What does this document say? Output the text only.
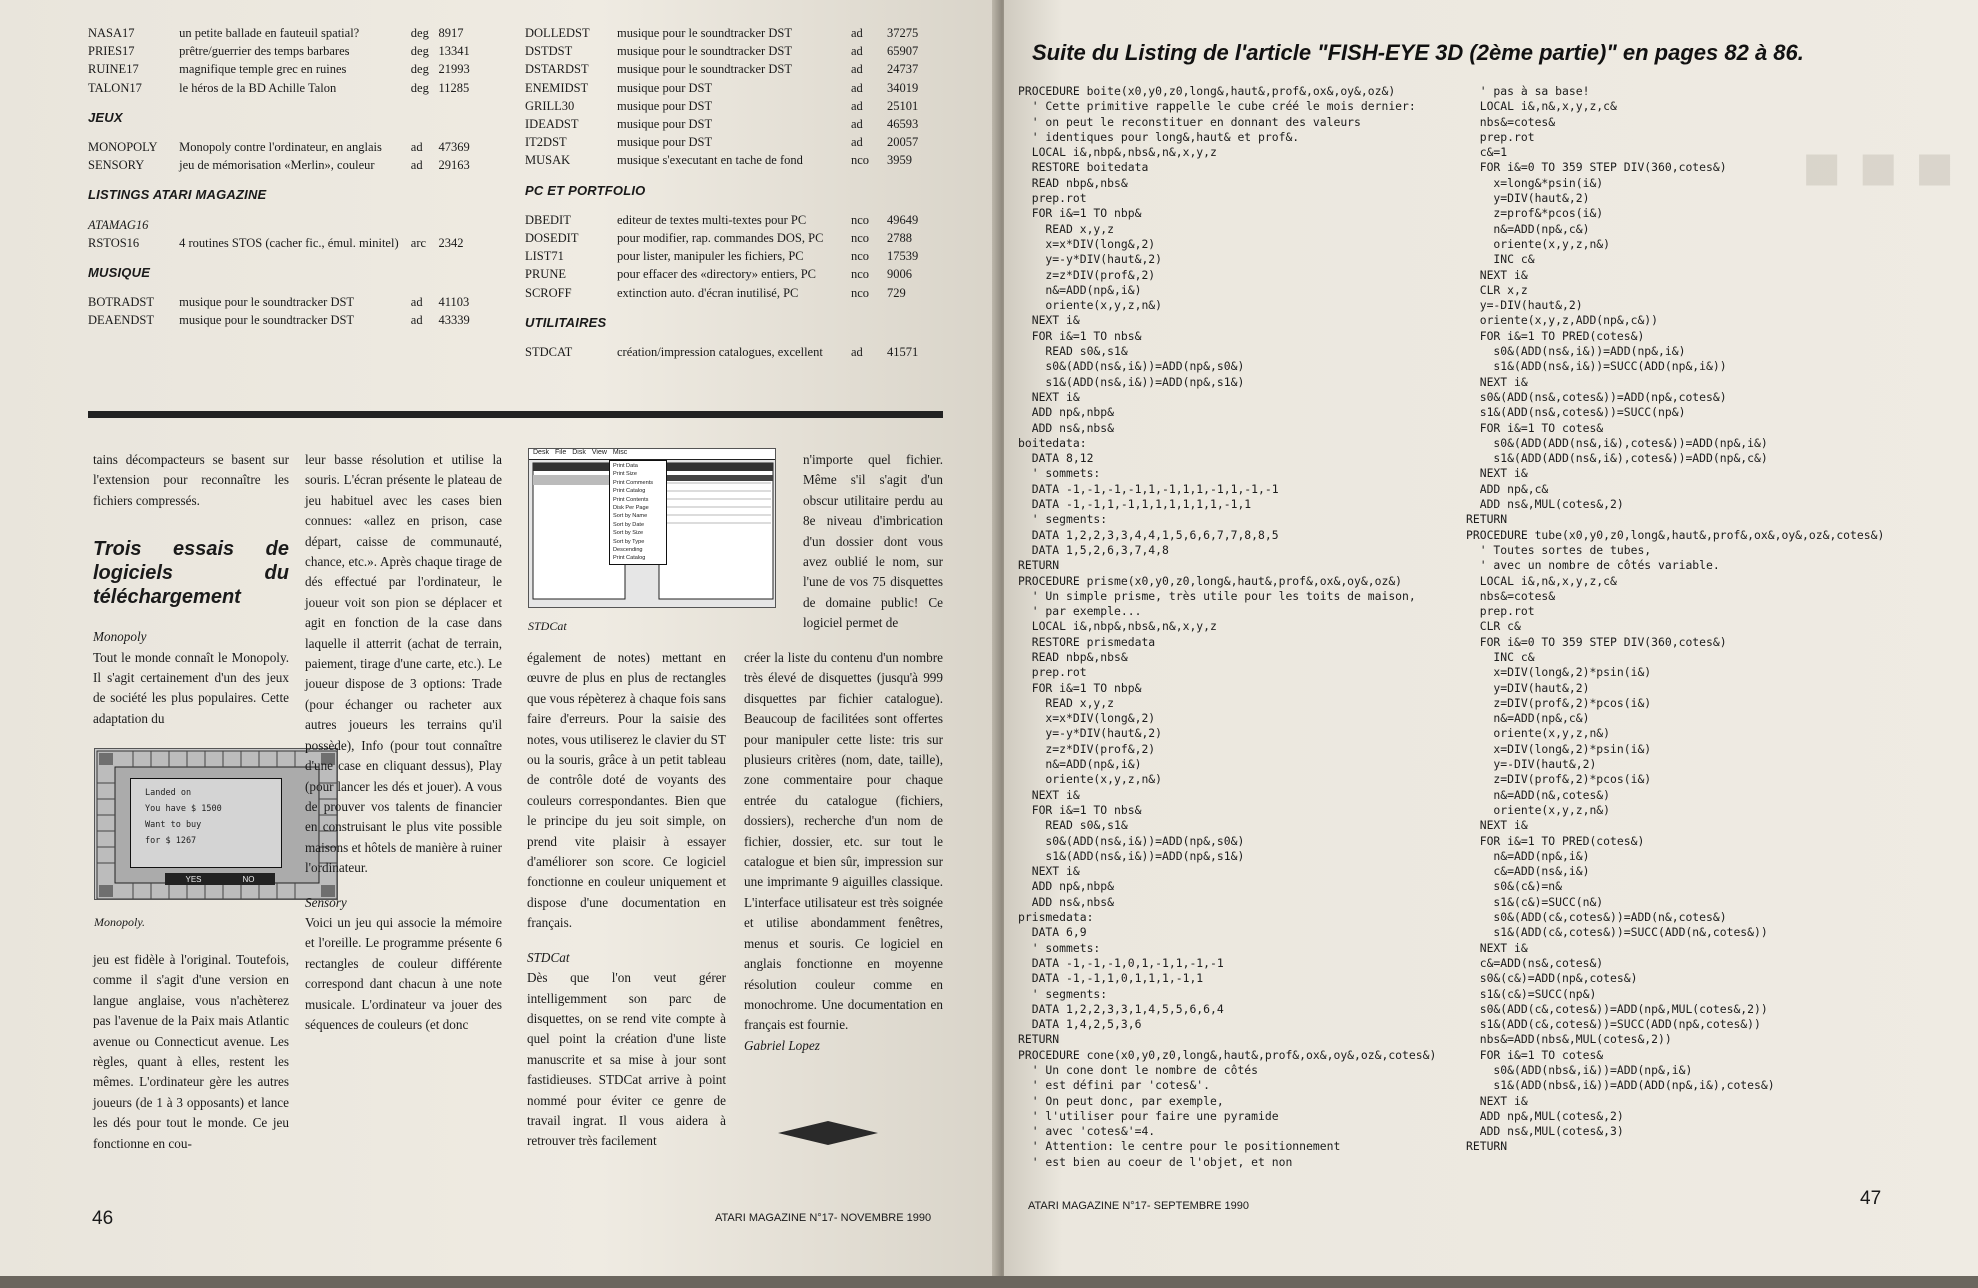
NASA17	un petite ballade en fauteuil spatial?	deg 8917
PRIES17	prêtre/guerrier des temps barbares	deg 13341
RUINE17	magnifique temple grec en ruines	deg 21993
TALON17	le héros de la BD Achille Talon	deg 11285
JEUX
MONOPOLY	Monopoly contre l'ordinateur, en anglais	ad	47369
SENSORY	jeu de mémorisation «Merlin», couleur	ad	29163
LISTINGS ATARI MAGAZINE
ATAMAG16
RSTOS16	4 routines STOS (cacher fic., émul. minitel) arc 2342
MUSIQUE
BOTRADST	musique pour le soundtracker DST	ad	41103
DEAENDST	musique pour le soundtracker DST	ad	43339
DOLLEDST	musique pour le soundtracker DST	ad	37275
DSTDST	musique pour le soundtracker DST	ad	65907
DSTARDST	musique pour le soundtracker DST	ad	24737
ENEMIDST	musique pour DST	ad	34019
GRILL30	musique pour DST	ad	25101
IDEADST	musique pour DST	ad	46593
IT2DST	musique pour DST	ad	20057
MUSAK	musique s'executant en tache de fond	nco	3959
PC ET PORTFOLIO
DBEDIT	editeur de textes multi-textes pour PC	nco	49649
DOSEDIT	pour modifier, rap. commandes DOS, PC	nco	2788
LIST71	pour lister, manipuler les fichiers, PC	nco	17539
PRUNE	pour effacer des «directory» entiers, PC	nco	9006
SCROFF	extinction auto. d'écran inutilisé, PC	nco	729
UTILITAIRES
STDCAT	création/impression catalogues, excellent	ad	41571

tains décompacteurs se basent sur l'extension pour reconnaître les fichiers compressés.

Trois essais de logiciels du téléchargement

Monopoly

Tout le monde connaît le Monopoly. Il s'agit certainement d'un des jeux de société les plus populaires. Cette adaptation du

Landed on
You have $ 1500
Want to buy
for $ 1267
YES	NO
Monopoly.

jeu est fidèle à l'original. Toutefois, comme il s'agit d'une version en langue anglaise, vous n'achèterez pas l'avenue de la Paix mais Atlantic avenue ou Connecticut avenue. Les règles, quant à elles, restent les mêmes. L'ordinateur gère les autres joueurs (de 1 à 3 opposants) et lance les dés pour tout le monde. Ce jeu fonctionne en cou-

leur basse résolution et utilise la souris. L'écran présente le plateau de jeu habituel avec les cases bien connues: «allez en prison, case départ, caisse de communauté, chance, etc.». Après chaque tirage de dés effectué par l'ordinateur, le joueur voit son pion se déplacer et agit en fonction de la case dans laquelle il atterrit (achat de terrain, paiement, tirage d'une carte, etc.). Le joueur dispose de 3 options: Trade (pour échanger ou racheter aux autres joueurs les terrains qu'il possède), Info (pour tout connaître d'une case en cliquant dessus), Play (pour lancer les dés et jouer). A vous de prouver vos talents de financier en construisant le plus vite possible maisons et hôtels de manière à ruiner l'ordinateur.

Sensory

Voici un jeu qui associe la mémoire et l'oreille. Le programme présente 6 rectangles de couleur différente correspond dant chacun à une note musicale. L'ordinateur va jouer des séquences de couleurs (et donc

Desk File Disk View Misc
Print Data
Print Size
Print Comments
Print Catalog
Print Contents
Disk Per Page
Sort by Name
Sort by Date
Sort by Size
Sort by Type
Descending
Print Catalog
STDCat

également de notes) mettant en œuvre de plus en plus de rectangles que vous répèterez à chaque fois sans faire d'erreurs. Pour la saisie des notes, vous utiliserez le clavier du ST ou la souris, grâce à un petit tableau de contrôle doté de voyants des couleurs correspondantes. Bien que le principe du jeu soit simple, on prend vite plaisir à essayer d'améliorer son score. Ce logiciel fonctionne en couleur uniquement et dispose d'une documentation en français.

STDCat

Dès que l'on veut gérer intelligemment son parc de disquettes, on se rend vite compte à quel point la création d'une liste manuscrite et sa mise à jour sont fastidieuses. STDCat arrive à point nommé pour éviter ce genre de travail ingrat. Il vous aidera à retrouver très facilement

n'importe quel fichier. Même s'il s'agit d'un obscur utilitaire perdu au 8e niveau d'imbrication d'un dossier dont vous avez oublié le nom, sur l'une de vos 75 disquettes de domaine public! Ce logiciel permet de

créer la liste du contenu d'un nombre très élevé de disquettes (jusqu'à 999 disquettes par fichier catalogue). Beaucoup de facilitées sont offertes pour manipuler cette liste: tris sur plusieurs critères (nom, date, taille), zone commentaire pour chaque entrée du catalogue (fichiers, dossiers), recherche d'un nom de fichier, dossier, etc. sur tout le catalogue et bien sûr, impression sur une imprimante 9 aiguilles classique. L'interface utilisateur est très soignée et utilise abondamment fenêtres, menus et souris. Ce logiciel en anglais fonctionne en moyenne résolution couleur comme en monochrome. Une documentation en français est fournie.

Gabriel Lopez

46	ATARI MAGAZINE N°17- NOVEMBRE 1990
■ ■ ■
Suite du Listing de l'article "FISH-EYE 3D (2ème partie)" en pages 82 à 86.
PROCEDURE boite(x0,y0,z0,long&,haut&,prof&,ox&,oy&,oz&)
' Cette primitive rappelle le cube créé le mois dernier:
' on peut le reconstituer en donnant des valeurs
' identiques pour long&,haut& et prof&.
LOCAL i&,nbp&,nbs&,n&,x,y,z
RESTORE boitedata
READ nbp&,nbs&
prep.rot
FOR i&=1 TO nbp&
READ x,y,z
x=x*DIV(long&,2)
y=-y*DIV(haut&,2)
z=z*DIV(prof&,2)
n&=ADD(np&,i&)
oriente(x,y,z,n&)
NEXT i&
FOR i&=1 TO nbs&
READ s0&,s1&
s0&(ADD(ns&,i&))=ADD(np&,s0&)
s1&(ADD(ns&,i&))=ADD(np&,s1&)
NEXT i&
ADD np&,nbp&
ADD ns&,nbs&
boitedata:
DATA 8,12
' sommets:
DATA -1,-1,-1,-1,1,-1,1,1,-1,1,-1,-1
DATA -1,-1,1,-1,1,1,1,1,1,1,-1,1
' segments:
DATA 1,2,2,3,3,4,4,1,5,6,6,7,7,8,8,5
DATA 1,5,2,6,3,7,4,8
RETURN
PROCEDURE prisme(x0,y0,z0,long&,haut&,prof&,ox&,oy&,oz&)
' Un simple prisme, très utile pour les toits de maison,
' par exemple...
LOCAL i&,nbp&,nbs&,n&,x,y,z
RESTORE prismedata
READ nbp&,nbs&
prep.rot
FOR i&=1 TO nbp&
READ x,y,z
x=x*DIV(long&,2)
y=-y*DIV(haut&,2)
z=z*DIV(prof&,2)
n&=ADD(np&,i&)
oriente(x,y,z,n&)
NEXT i&
FOR i&=1 TO nbs&
READ s0&,s1&
s0&(ADD(ns&,i&))=ADD(np&,s0&)
s1&(ADD(ns&,i&))=ADD(np&,s1&)
NEXT i&
ADD np&,nbp&
ADD ns&,nbs&
prismedata:
DATA 6,9
' sommets:
DATA -1,-1,-1,0,1,-1,1,-1,-1
DATA -1,-1,1,0,1,1,1,-1,1
' segments:
DATA 1,2,2,3,3,1,4,5,5,6,6,4
DATA 1,4,2,5,3,6
RETURN
PROCEDURE cone(x0,y0,z0,long&,haut&,prof&,ox&,oy&,oz&,cotes&)
' Un cone dont le nombre de côtés
' est défini par 'cotes&'.
' On peut donc, par exemple,
' l'utiliser pour faire une pyramide
' avec 'cotes&'=4.
' Attention: le centre pour le positionnement
' est bien au coeur de l'objet, et non
' pas à sa base!
LOCAL i&,n&,x,y,z,c&
nbs&=cotes&
prep.rot
c&=1
FOR i&=0 TO 359 STEP DIV(360,cotes&)
x=long&*psin(i&)
y=DIV(haut&,2)
z=prof&*pcos(i&)
n&=ADD(np&,c&)
oriente(x,y,z,n&)
INC c&
NEXT i&
CLR x,z
y=-DIV(haut&,2)
oriente(x,y,z,ADD(np&,c&))
FOR i&=1 TO PRED(cotes&)
s0&(ADD(ns&,i&))=ADD(np&,i&)
s1&(ADD(ns&,i&))=SUCC(ADD(np&,i&))
NEXT i&
s0&(ADD(ns&,cotes&))=ADD(np&,cotes&)
s1&(ADD(ns&,cotes&))=SUCC(np&)
FOR i&=1 TO cotes&
s0&(ADD(ADD(ns&,i&),cotes&))=ADD(np&,i&)
s1&(ADD(ADD(ns&,i&),cotes&))=ADD(np&,c&)
NEXT i&
ADD np&,c&
ADD ns&,MUL(cotes&,2)
RETURN
PROCEDURE tube(x0,y0,z0,long&,haut&,prof&,ox&,oy&,oz&,cotes&)
' Toutes sortes de tubes,
' avec un nombre de côtés variable.
LOCAL i&,n&,x,y,z,c&
nbs&=cotes&
prep.rot
CLR c&
FOR i&=0 TO 359 STEP DIV(360,cotes&)
INC c&
x=DIV(long&,2)*psin(i&)
y=DIV(haut&,2)
z=DIV(prof&,2)*pcos(i&)
n&=ADD(np&,c&)
oriente(x,y,z,n&)
x=DIV(long&,2)*psin(i&)
y=-DIV(haut&,2)
z=DIV(prof&,2)*pcos(i&)
n&=ADD(n&,cotes&)
oriente(x,y,z,n&)
NEXT i&
FOR i&=1 TO PRED(cotes&)
n&=ADD(np&,i&)
c&=ADD(ns&,i&)
s0&(c&)=n&
s1&(c&)=SUCC(n&)
s0&(ADD(c&,cotes&))=ADD(n&,cotes&)
s1&(ADD(c&,cotes&))=SUCC(ADD(n&,cotes&))
NEXT i&
c&=ADD(ns&,cotes&)
s0&(c&)=ADD(np&,cotes&)
s1&(c&)=SUCC(np&)
s0&(ADD(c&,cotes&))=ADD(np&,MUL(cotes&,2))
s1&(ADD(c&,cotes&))=SUCC(ADD(np&,cotes&))
nbs&=ADD(nbs&,MUL(cotes&,2))
FOR i&=1 TO cotes&
s0&(ADD(nbs&,i&))=ADD(np&,i&)
s1&(ADD(nbs&,i&))=ADD(ADD(np&,i&),cotes&)
NEXT i&
ADD np&,MUL(cotes&,2)
ADD ns&,MUL(cotes&,3)
RETURN
ATARI MAGAZINE N°17- SEPTEMBRE 1990	47
